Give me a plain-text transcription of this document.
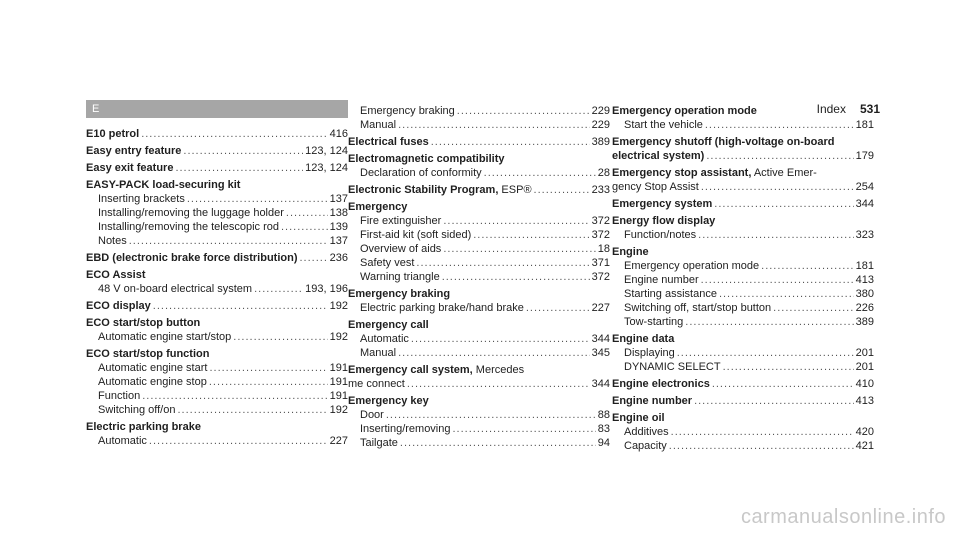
Index 531
E
E10 petrol .....	416
Easy entry feature .....	123, 124
Easy exit feature .....	123, 124
EASY-PACK load-securing kit
Inserting brackets .....	137
Installing/removing the luggage holder .....	138
Installing/removing the telescopic rod .....	139
Notes .....	137
EBD (electronic brake force distribution) .....	236
ECO Assist
48 V on-board electrical system .....	193, 196
ECO display .....	192
ECO start/stop button
Automatic engine start/stop .....	192
ECO start/stop function
Automatic engine start .....	191
Automatic engine stop .....	191
Function .....	191
Switching off/on .....	192
Electric parking brake
Automatic .....	227
Emergency braking .....	229
Manual .....	229
Electrical fuses .....	389
Electromagnetic compatibility
Declaration of conformity .....	28
Electronic Stability Program, ESP® .....	233
Emergency
Fire extinguisher .....	372
First-aid kit (soft sided) .....	372
Overview of aids .....	18
Safety vest .....	371
Warning triangle .....	372
Emergency braking
Electric parking brake/hand brake .....	227
Emergency call
Automatic .....	344
Manual .....	345
Emergency call system, Mercedes
me connect .....	344
Emergency key
Door .....	88
Inserting/removing .....	83
Tailgate .....	94
Emergency operation mode
Start the vehicle .....	181
Emergency shutoff (high-voltage on-board
electrical system) .....	179
Emergency stop assistant, Active Emer-
gency Stop Assist .....	254
Emergency system .....	344
Energy flow display
Function/notes .....	323
Engine
Emergency operation mode .....	181
Engine number .....	413
Starting assistance .....	380
Switching off, start/stop button .....	226
Tow-starting .....	389
Engine data
Displaying .....	201
DYNAMIC SELECT .....	201
Engine electronics .....	410
Engine number .....	413
Engine oil
Additives .....	420
Capacity .....	421
carmanualsonline.info
